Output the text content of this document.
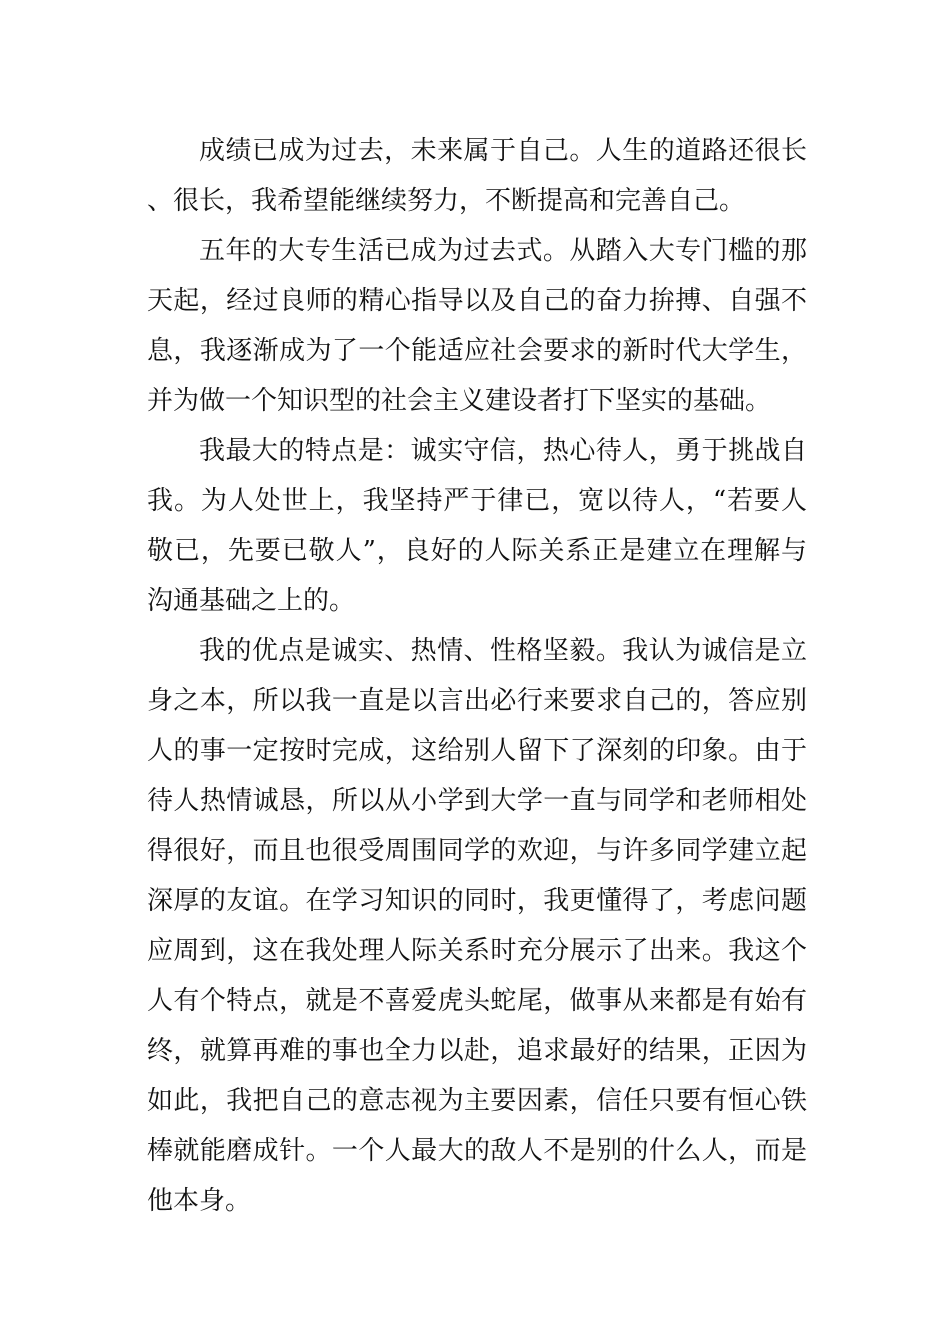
成绩已成为过去，未来属于自己。人生的道路还很长、很长，我希望能继续努力，不断提高和完善自己。

五年的大专生活已成为过去式。从踏入大专门槛的那天起，经过良师的精心指导以及自己的奋力拚搏、自强不息，我逐渐成为了一个能适应社会要求的新时代大学生，并为做一个知识型的社会主义建设者打下坚实的基础。

我最大的特点是：诚实守信，热心待人，勇于挑战自我。为人处世上，我坚持严于律已，宽以待人，“若要人敬已，先要已敬人”，良好的人际关系正是建立在理解与沟通基础之上的。

我的优点是诚实、热情、性格坚毅。我认为诚信是立身之本，所以我一直是以言出必行来要求自己的，答应别人的事一定按时完成，这给别人留下了深刻的印象。由于待人热情诚恳，所以从小学到大学一直与同学和老师相处得很好，而且也很受周围同学的欢迎，与许多同学建立起深厚的友谊。在学习知识的同时，我更懂得了，考虑问题应周到，这在我处理人际关系时充分展示了出来。我这个人有个特点，就是不喜爱虎头蛇尾，做事从来都是有始有终，就算再难的事也全力以赴，追求最好的结果，正因为如此，我把自己的意志视为主要因素，信任只要有恒心铁棒就能磨成针。一个人最大的敌人不是别的什么人，而是他本身。
